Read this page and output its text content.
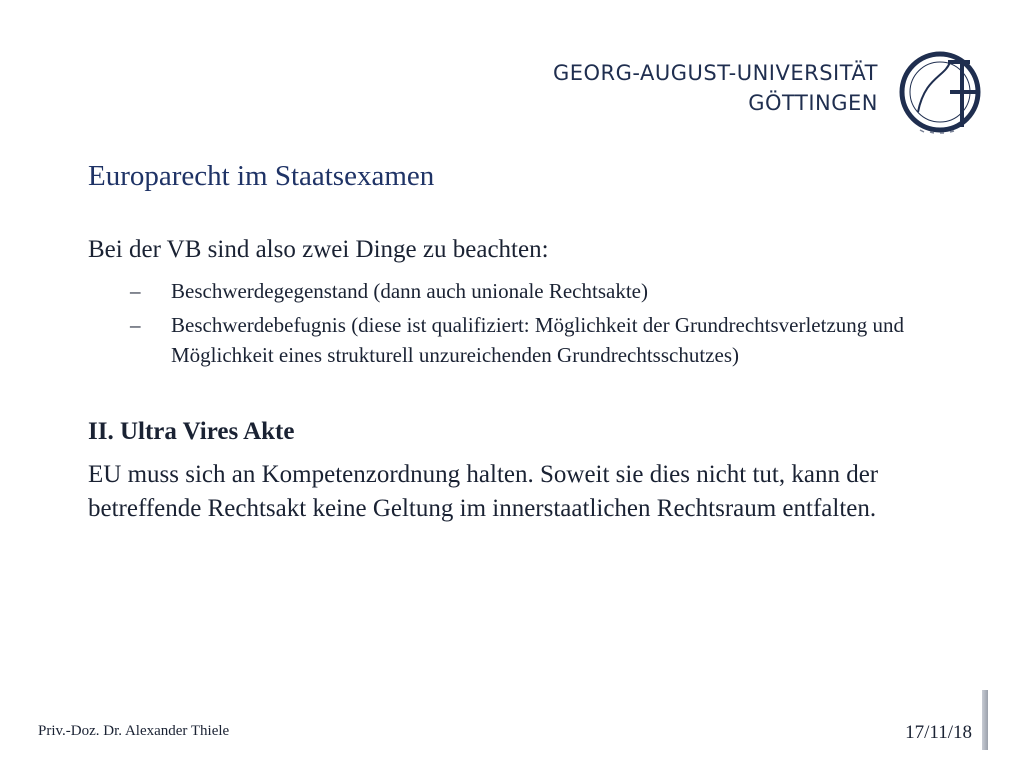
GEORG-AUGUST-UNIVERSITÄT
GÖTTINGEN
Europarecht im Staatsexamen

Bei der VB sind also zwei Dinge zu beachten:

– Beschwerdegegenstand (dann auch unionale Rechtsakte)
– Beschwerdebefugnis (diese ist qualifiziert: Möglichkeit der Grundrechtsverletzung und Möglichkeit eines strukturell unzureichenden Grundrechtsschutzes)
II. Ultra Vires Akte

EU muss sich an Kompetenzordnung halten. Soweit sie dies nicht tut, kann der betreffende Rechtsakt keine Geltung im innerstaatlichen Rechtsraum entfalten.

Priv.-Doz. Dr. Alexander Thiele	17/11/18
